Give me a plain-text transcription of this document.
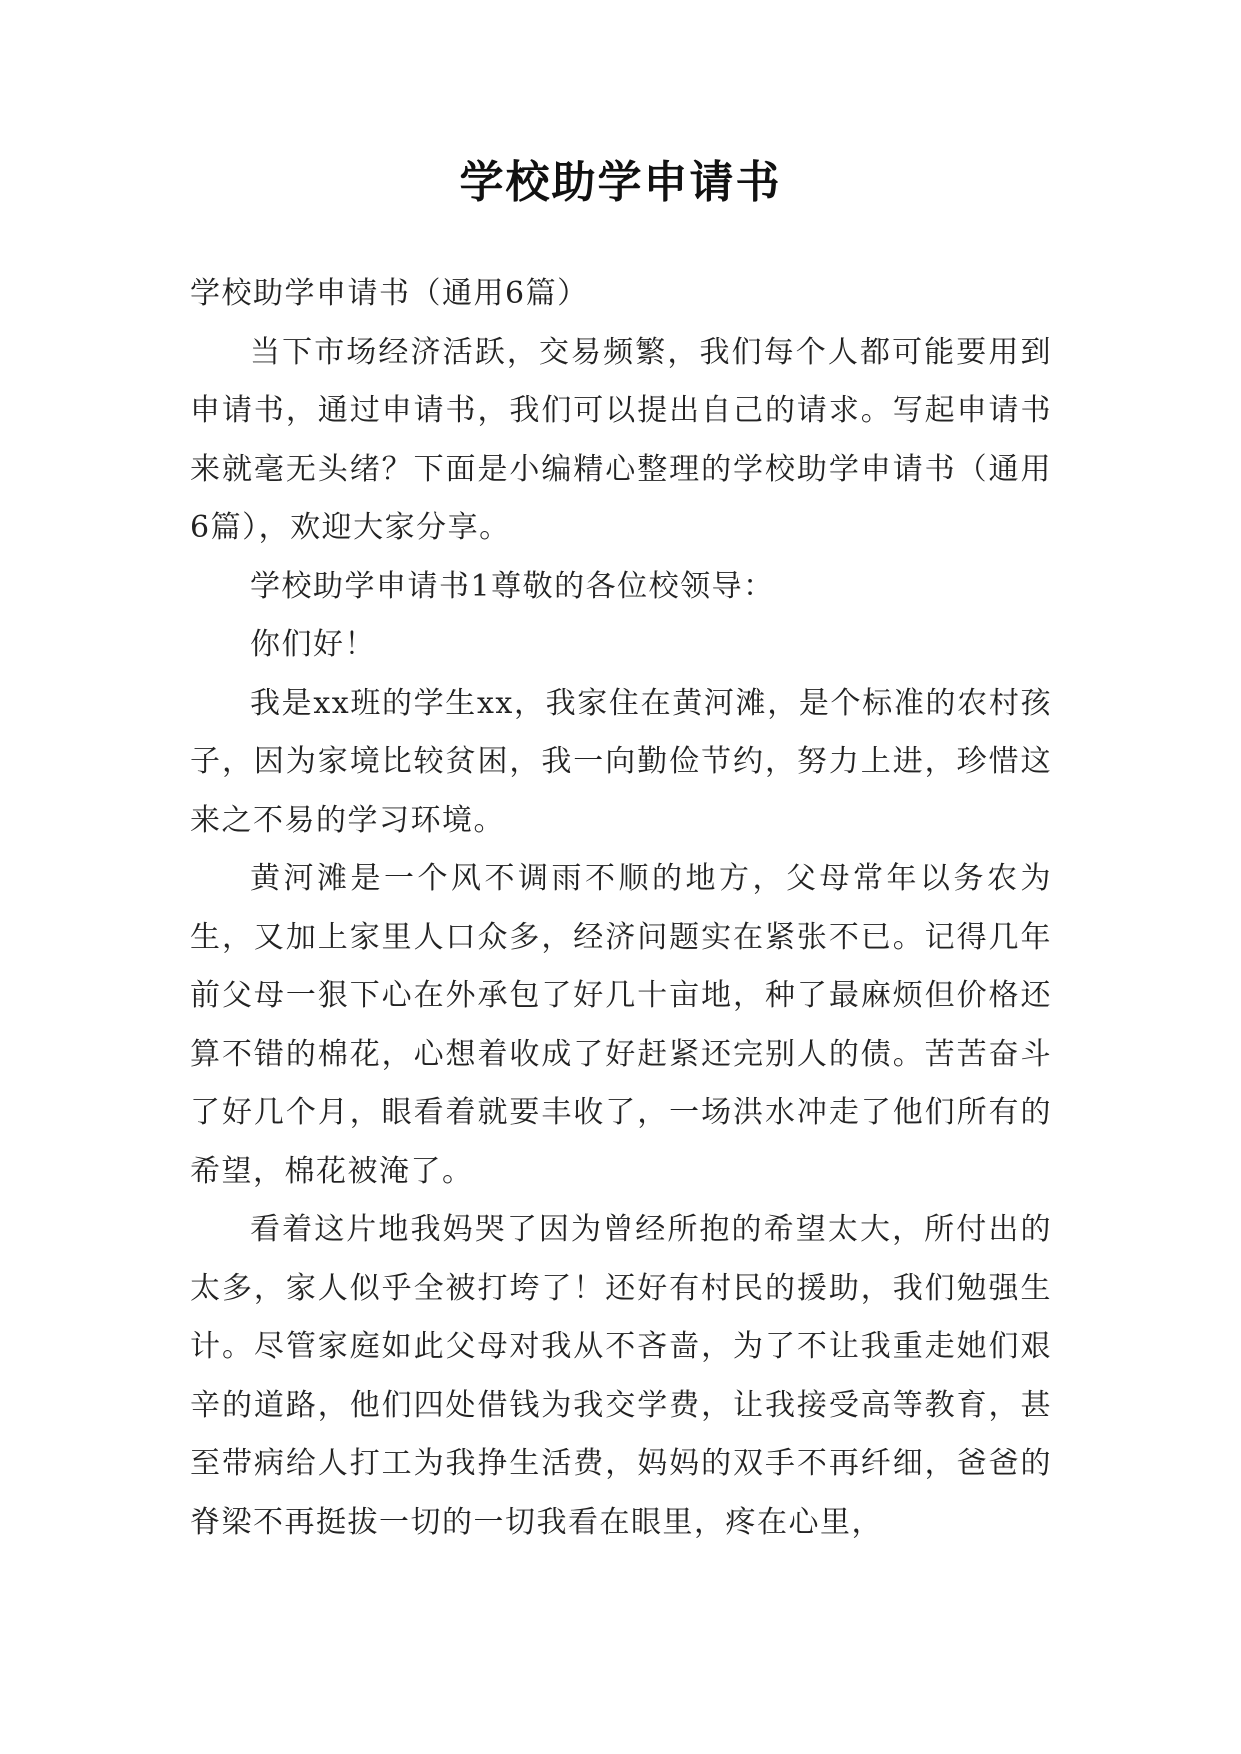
学校助学申请书

学校助学申请书（通用6篇）

当下市场经济活跃，交易频繁，我们每个人都可能要用到申请书，通过申请书，我们可以提出自己的请求。写起申请书来就毫无头绪？下面是小编精心整理的学校助学申请书（通用6篇），欢迎大家分享。

学校助学申请书1尊敬的各位校领导：

你们好！

我是xx班的学生xx，我家住在黄河滩，是个标准的农村孩子，因为家境比较贫困，我一向勤俭节约，努力上进，珍惜这来之不易的学习环境。

黄河滩是一个风不调雨不顺的地方，父母常年以务农为生，又加上家里人口众多，经济问题实在紧张不已。记得几年前父母一狠下心在外承包了好几十亩地，种了最麻烦但价格还算不错的棉花，心想着收成了好赶紧还完别人的债。苦苦奋斗了好几个月，眼看着就要丰收了，一场洪水冲走了他们所有的希望，棉花被淹了。

看着这片地我妈哭了因为曾经所抱的希望太大，所付出的太多，家人似乎全被打垮了！还好有村民的援助，我们勉强生计。尽管家庭如此父母对我从不吝啬，为了不让我重走她们艰辛的道路，他们四处借钱为我交学费，让我接受高等教育，甚至带病给人打工为我挣生活费，妈妈的双手不再纤细，爸爸的脊梁不再挺拔一切的一切我看在眼里，疼在心里，
